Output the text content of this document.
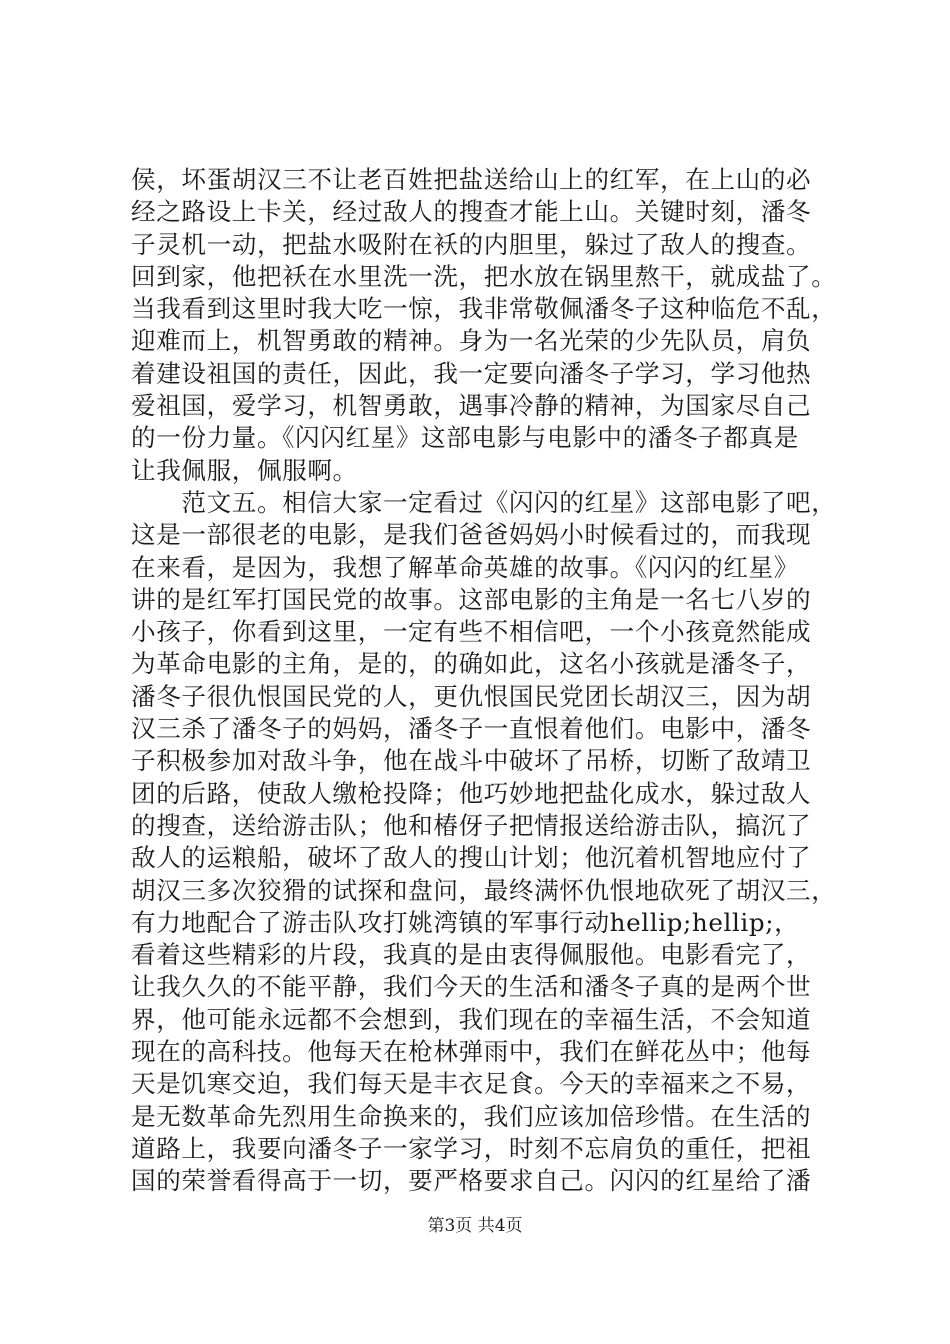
侯，坏蛋胡汉三不让老百姓把盐送给山上的红军，在上山的必
经之路设上卡关，经过敌人的搜查才能上山。关键时刻，潘冬
子灵机一动，把盐水吸附在袄的内胆里，躲过了敌人的搜查。
回到家，他把袄在水里洗一洗，把水放在锅里熬干，就成盐了。
当我看到这里时我大吃一惊，我非常敬佩潘冬子这种临危不乱，
迎难而上，机智勇敢的精神。身为一名光荣的少先队员，肩负
着建设祖国的责任，因此，我一定要向潘冬子学习，学习他热
爱祖国，爱学习，机智勇敢，遇事冷静的精神，为国家尽自己
的一份力量。《闪闪红星》这部电影与电影中的潘冬子都真是
让我佩服，佩服啊。
　　范文五。相信大家一定看过《闪闪的红星》这部电影了吧，
这是一部很老的电影，是我们爸爸妈妈小时候看过的，而我现
在来看，是因为，我想了解革命英雄的故事。《闪闪的红星》
讲的是红军打国民党的故事。这部电影的主角是一名七八岁的
小孩子，你看到这里，一定有些不相信吧，一个小孩竟然能成
为革命电影的主角，是的，的确如此，这名小孩就是潘冬子，
潘冬子很仇恨国民党的人，更仇恨国民党团长胡汉三，因为胡
汉三杀了潘冬子的妈妈，潘冬子一直恨着他们。电影中，潘冬
子积极参加对敌斗争，他在战斗中破坏了吊桥，切断了敌靖卫
团的后路，使敌人缴枪投降；他巧妙地把盐化成水，躲过敌人
的搜查，送给游击队；他和椿伢子把情报送给游击队，搞沉了
敌人的运粮船，破坏了敌人的搜山计划；他沉着机智地应付了
胡汉三多次狡猾的试探和盘问，最终满怀仇恨地砍死了胡汉三，
有力地配合了游击队攻打姚湾镇的军事行动hellip;hellip;，
看着这些精彩的片段，我真的是由衷得佩服他。电影看完了，
让我久久的不能平静，我们今天的生活和潘冬子真的是两个世
界，他可能永远都不会想到，我们现在的幸福生活，不会知道
现在的高科技。他每天在枪林弹雨中，我们在鲜花丛中；他每
天是饥寒交迫，我们每天是丰衣足食。今天的幸福来之不易，
是无数革命先烈用生命换来的，我们应该加倍珍惜。在生活的
道路上，我要向潘冬子一家学习，时刻不忘肩负的重任，把祖
国的荣誉看得高于一切，要严格要求自己。闪闪的红星给了潘
第3页 共4页
